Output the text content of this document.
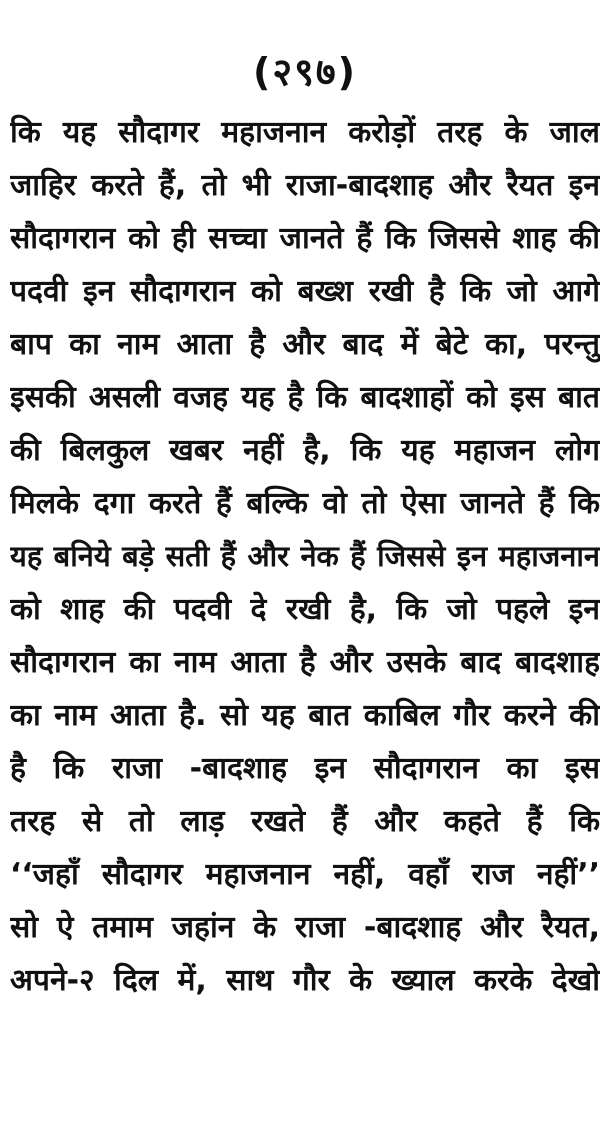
(२९७)
कि यह सौदागर महाजनान करोड़ों तरह के जाल
जाहिर करते हैं, तो भी राजा-बादशाह और रैयत इन
सौदागरान को ही सच्चा जानते हैं कि जिससे शाह की
पदवी इन सौदागरान को बख्श रखी है कि जो आगे
बाप का नाम आता है और बाद में बेटे का, परन्तु
इसकी असली वजह यह है कि बादशाहों को इस बात
की बिलकुल खबर नहीं है, कि यह महाजन लोग
मिलके दगा करते हैं बल्कि वो तो ऐसा जानते हैं कि
यह बनिये बड़े सती हैं और नेक हैं जिससे इन महाजनान
को शाह की पदवी दे रखी है, कि जो पहले इन
सौदागरान का नाम आता है और उसके बाद बादशाह
का नाम आता है. सो यह बात काबिल गौर करने की
है कि राजा -बादशाह इन सौदागरान का इस
तरह से तो लाड़ रखते हैं और कहते हैं कि
‘‘जहाँ सौदागर महाजनान नहीं, वहाँ राज नहीं’’
सो ऐ तमाम जहांन के राजा -बादशाह और रैयत,
अपने-२ दिल में, साथ गौर के ख्याल करके देखो
